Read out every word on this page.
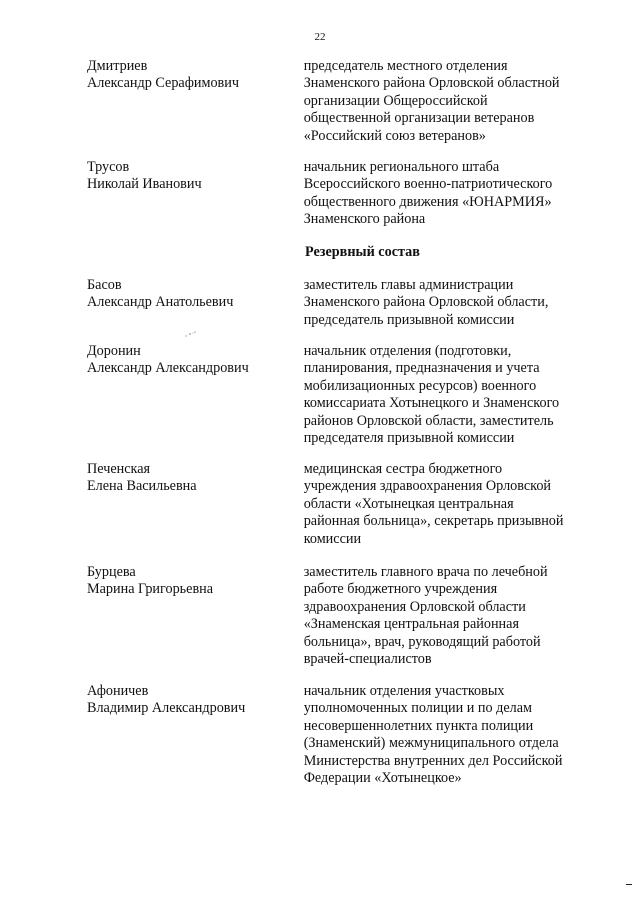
22
Дмитриев
Александр Серафимович
председатель местного отделения
Знаменского района Орловской областной
организации Общероссийской
общественной организации ветеранов
«Российский союз ветеранов»
Трусов
Николай Иванович
начальник регионального штаба
Всероссийского военно-патриотического
общественного движения «ЮНАРМИЯ»
Знаменского района
Резервный состав
Басов
Александр Анатольевич
заместитель главы администрации
Знаменского района Орловской области,
председатель призывной комиссии
Доронин
Александр Александрович
начальник отделения (подготовки,
планирования, предназначения и учета
мобилизационных ресурсов) военного
комиссариата Хотынецкого и Знаменского
районов Орловской области, заместитель
председателя призывной комиссии
Печенская
Елена Васильевна
медицинская сестра бюджетного
учреждения здравоохранения Орловской
области «Хотынецкая центральная
районная больница», секретарь призывной
комиссии
Бурцева
Марина Григорьевна
заместитель главного врача по лечебной
работе бюджетного учреждения
здравоохранения Орловской области
«Знаменская центральная районная
больница», врач, руководящий работой
врачей-специалистов
Афоничев
Владимир Александрович
начальник отделения участковых
уполномоченных полиции и по делам
несовершеннолетних пункта полиции
(Знаменский) межмуниципального отдела
Министерства внутренних дел Российской
Федерации «Хотынецкое»
